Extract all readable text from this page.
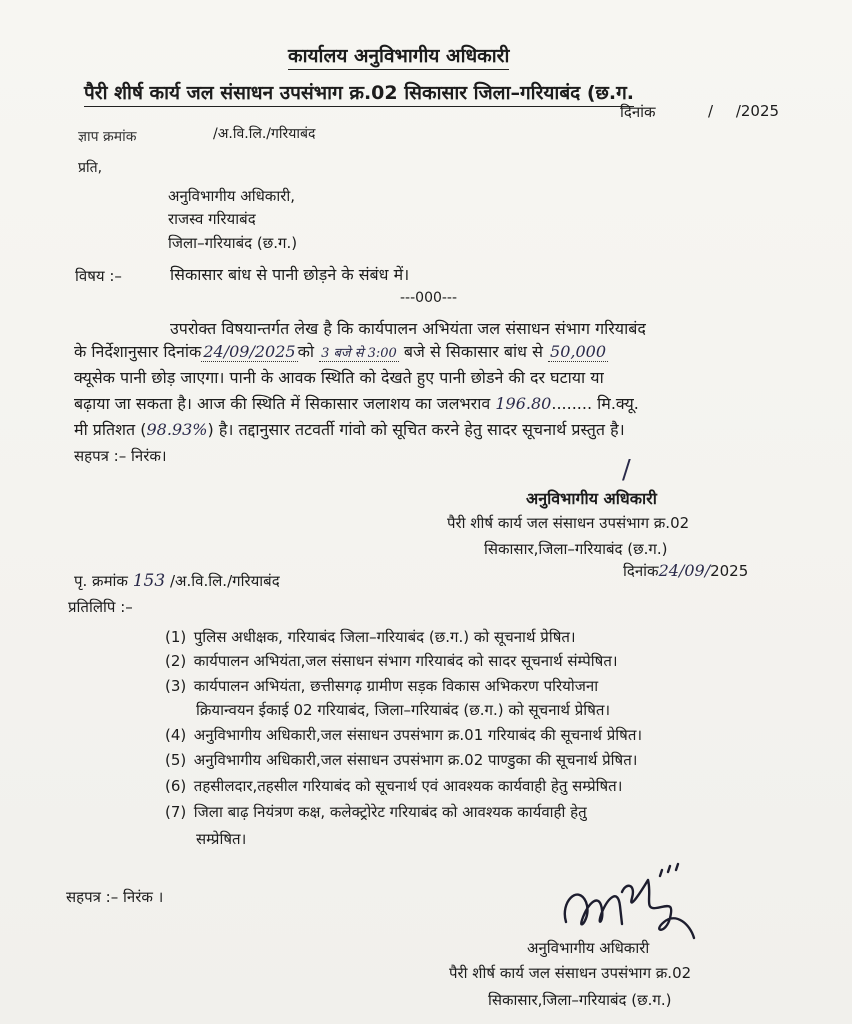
कार्यालय अनुविभागीय अधिकारी
पैरी शीर्ष कार्य जल संसाधन उपसंभाग क्र.02 सिकासार जिला–गरियाबंद (छ.ग.
दिनांक	/ /2025
ज्ञाप क्रमांक	/अ.वि.लि./गरियाबंद
प्रति,
अनुविभागीय अधिकारी,
राजस्व गरियाबंद
जिला–गरियाबंद (छ.ग.)
विषय :–	सिकासार बांध से पानी छोड़ने के संबंध में।
---000---
उपरोक्त विषयान्तर्गत लेख है कि कार्यपालन अभियंता जल संसाधन संभाग गरियाबंद
के निर्देशानुसार दिनांक 24/09/2025 को 3 बजे से 3:00 बजे से सिकासार बांध से 50,000
क्यूसेक पानी छोड़ जाएगा। पानी के आवक स्थिति को देखते हुए पानी छोडने की दर घटाया या
बढ़ाया जा सकता है। आज की स्थिति में सिकासार जलाशय का जलभराव 196.80........ मि.क्यू.
मी प्रतिशत (98.93%) है। तद्दानुसार तटवर्ती गांवो को सूचित करने हेतु सादर सूचनार्थ प्रस्तुत है।
सहपत्र :– निरंक।	/
अनुविभागीय अधिकारी
पैरी शीर्ष कार्य जल संसाधन उपसंभाग क्र.02
सिकासार,जिला–गरियाबंद (छ.ग.)
पृ. क्रमांक 153 /अ.वि.लि./गरियाबंद
दिनांक24/09/2025
प्रतिलिपि :–
(1) पुलिस अधीक्षक, गरियाबंद जिला–गरियाबंद (छ.ग.) को सूचनार्थ प्रेषित।
(2) कार्यपालन अभियंता,जल संसाधन संभाग गरियाबंद को सादर सूचनार्थ संम्पेषित।
(3) कार्यपालन अभियंता, छत्तीसगढ़ ग्रामीण सड़क विकास अभिकरण परियोजना
क्रियान्वयन ईकाई 02 गरियाबंद, जिला–गरियाबंद (छ.ग.) को सूचनार्थ प्रेषित।
(4) अनुविभागीय अधिकारी,जल संसाधन उपसंभाग क्र.01 गरियाबंद की सूचनार्थ प्रेषित।
(5) अनुविभागीय अधिकारी,जल संसाधन उपसंभाग क्र.02 पाण्डुका की सूचनार्थ प्रेषित।
(6) तहसीलदार,तहसील गरियाबंद को सूचनार्थ एवं आवश्यक कार्यवाही हेतु सम्प्रेषित।
(7) जिला बाढ़ नियंत्रण कक्ष, कलेक्ट्रोरेट गरियाबंद को आवश्यक कार्यवाही हेतु
सम्प्रेषित।
सहपत्र :– निरंक ।
अनुविभागीय अधिकारी
पैरी शीर्ष कार्य जल संसाधन उपसंभाग क्र.02
सिकासार,जिला–गरियाबंद (छ.ग.)
